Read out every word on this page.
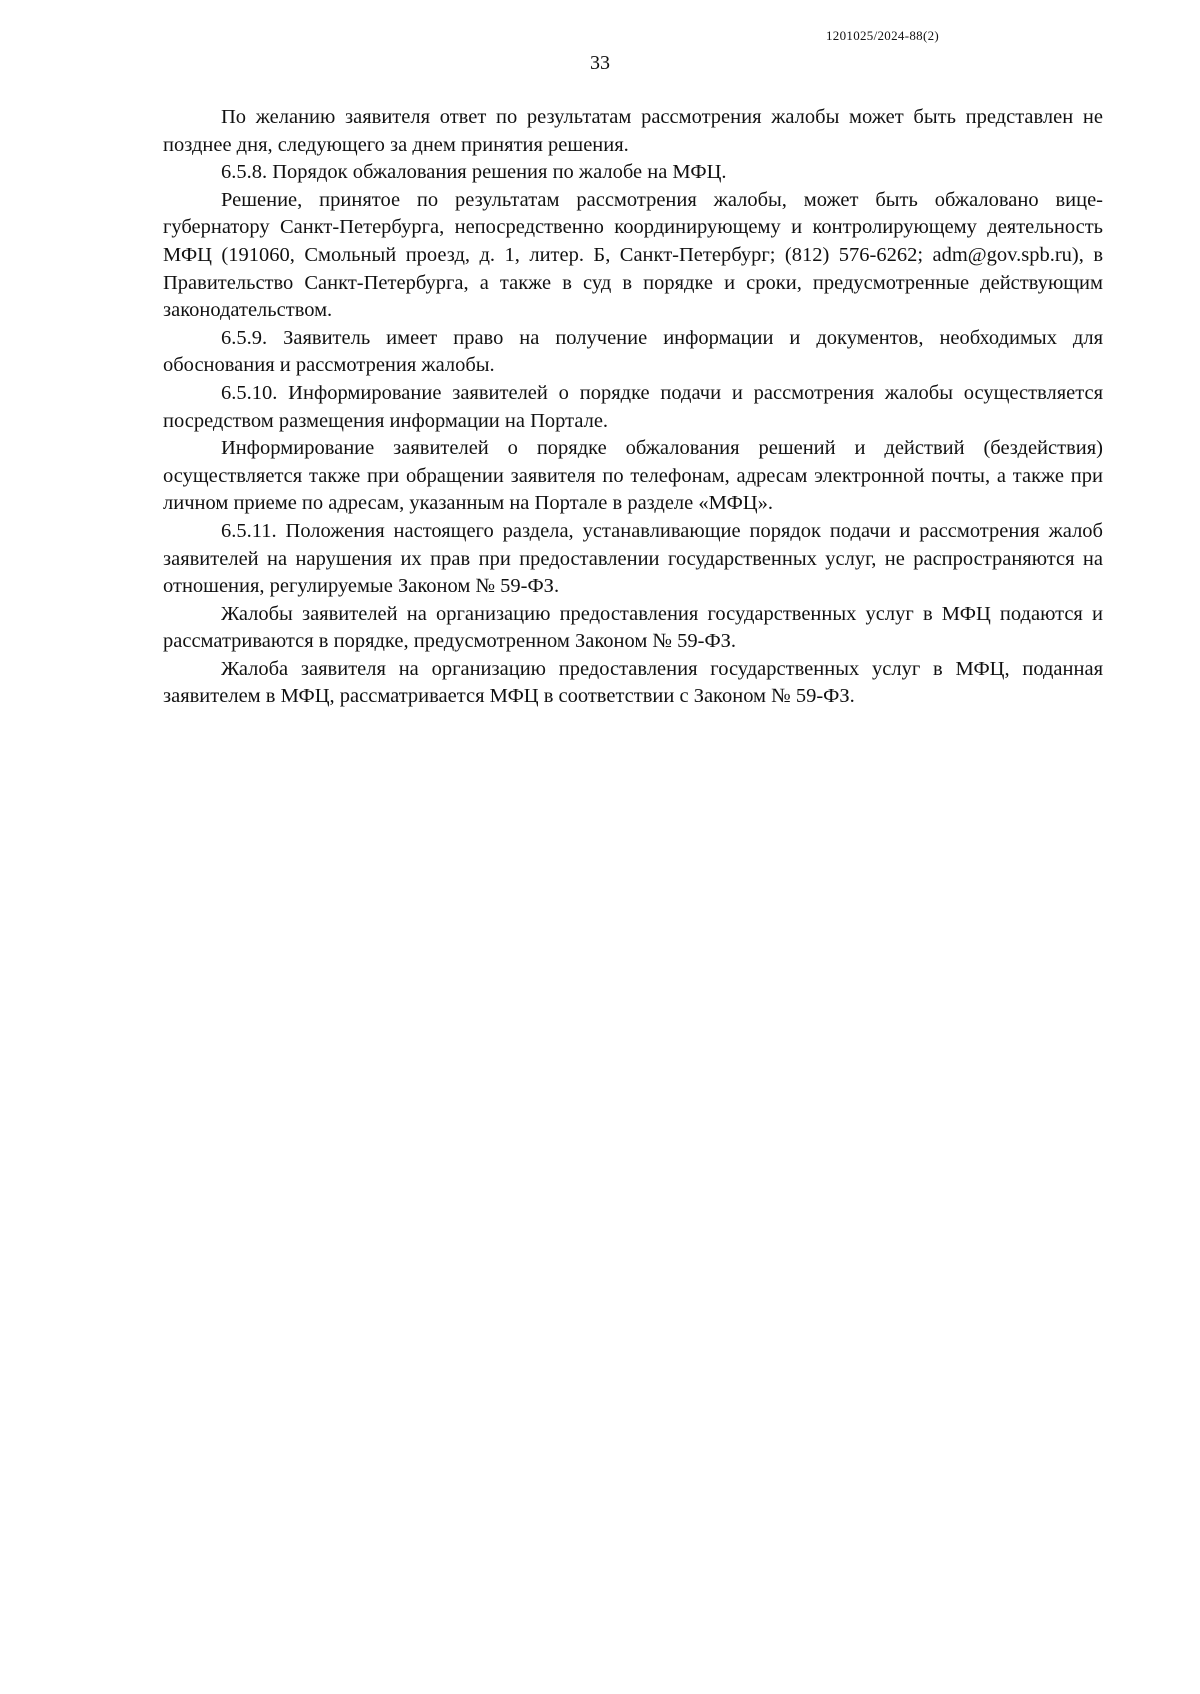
1201025/2024-88(2)
33

По желанию заявителя ответ по результатам рассмотрения жалобы может быть представлен не позднее дня, следующего за днем принятия решения.

6.5.8. Порядок обжалования решения по жалобе на МФЦ.

Решение, принятое по результатам рассмотрения жалобы, может быть обжаловано вице-губернатору Санкт-Петербурга, непосредственно координирующему и контролирующему деятельность МФЦ (191060, Смольный проезд, д. 1, литер. Б, Санкт-Петербург; (812) 576-6262; adm@gov.spb.ru), в Правительство Санкт-Петербурга, а также в суд в порядке и сроки, предусмотренные действующим законодательством.

6.5.9. Заявитель имеет право на получение информации и документов, необходимых для обоснования и рассмотрения жалобы.

6.5.10. Информирование заявителей о порядке подачи и рассмотрения жалобы осуществляется посредством размещения информации на Портале.

Информирование заявителей о порядке обжалования решений и действий (бездействия) осуществляется также при обращении заявителя по телефонам, адресам электронной почты, а также при личном приеме по адресам, указанным на Портале в разделе «МФЦ».

6.5.11. Положения настоящего раздела, устанавливающие порядок подачи и рассмотрения жалоб заявителей на нарушения их прав при предоставлении государственных услуг, не распространяются на отношения, регулируемые Законом № 59-ФЗ.

Жалобы заявителей на организацию предоставления государственных услуг в МФЦ подаются и рассматриваются в порядке, предусмотренном Законом № 59-ФЗ.

Жалоба заявителя на организацию предоставления государственных услуг в МФЦ, поданная заявителем в МФЦ, рассматривается МФЦ в соответствии с Законом № 59-ФЗ.
